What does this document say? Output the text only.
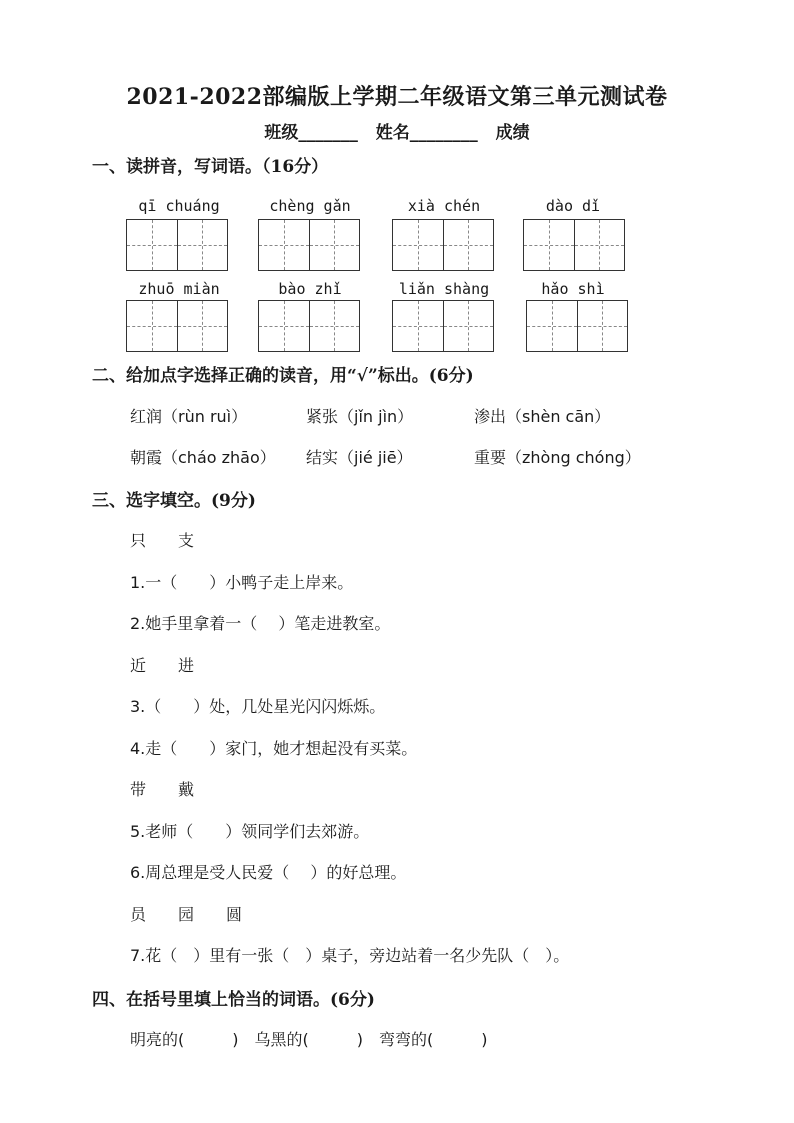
2021-2022部编版上学期二年级语文第三单元测试卷
班级_______ 姓名________ 成绩
一、读拼音，写词语。（16分）
qī chuáng	chèng gǎn	xià chén	dào dǐ
zhuō miàn	bào zhǐ	liǎn shàng	hǎo shì
二、给加点字选择正确的读音，用“√”标出。(6分)
红润（rùn ruì）	紧张（jǐn jìn）	渗出（shèn cān）
朝霞（cháo zhāo） 结实（jié jiē）	重要（zhòng chóng）
三、选字填空。(9分)
只　　支
1.一（　　）小鸭子走上岸来。
2.她手里拿着一（　 ）笔走进教室。
近　　进
3.（　　）处，几处星光闪闪烁烁。
4.走（　　）家门，她才想起没有买菜。
带　　戴
5.老师（　　）领同学们去郊游。
6.周总理是受人民爱（　 ）的好总理。
员　　园　　圆
7.花（　）里有一张（　）桌子，旁边站着一名少先队（　）。
四、在括号里填上恰当的词语。(6分)
明亮的(　　　)　乌黑的(　　　)　弯弯的(　　　)
